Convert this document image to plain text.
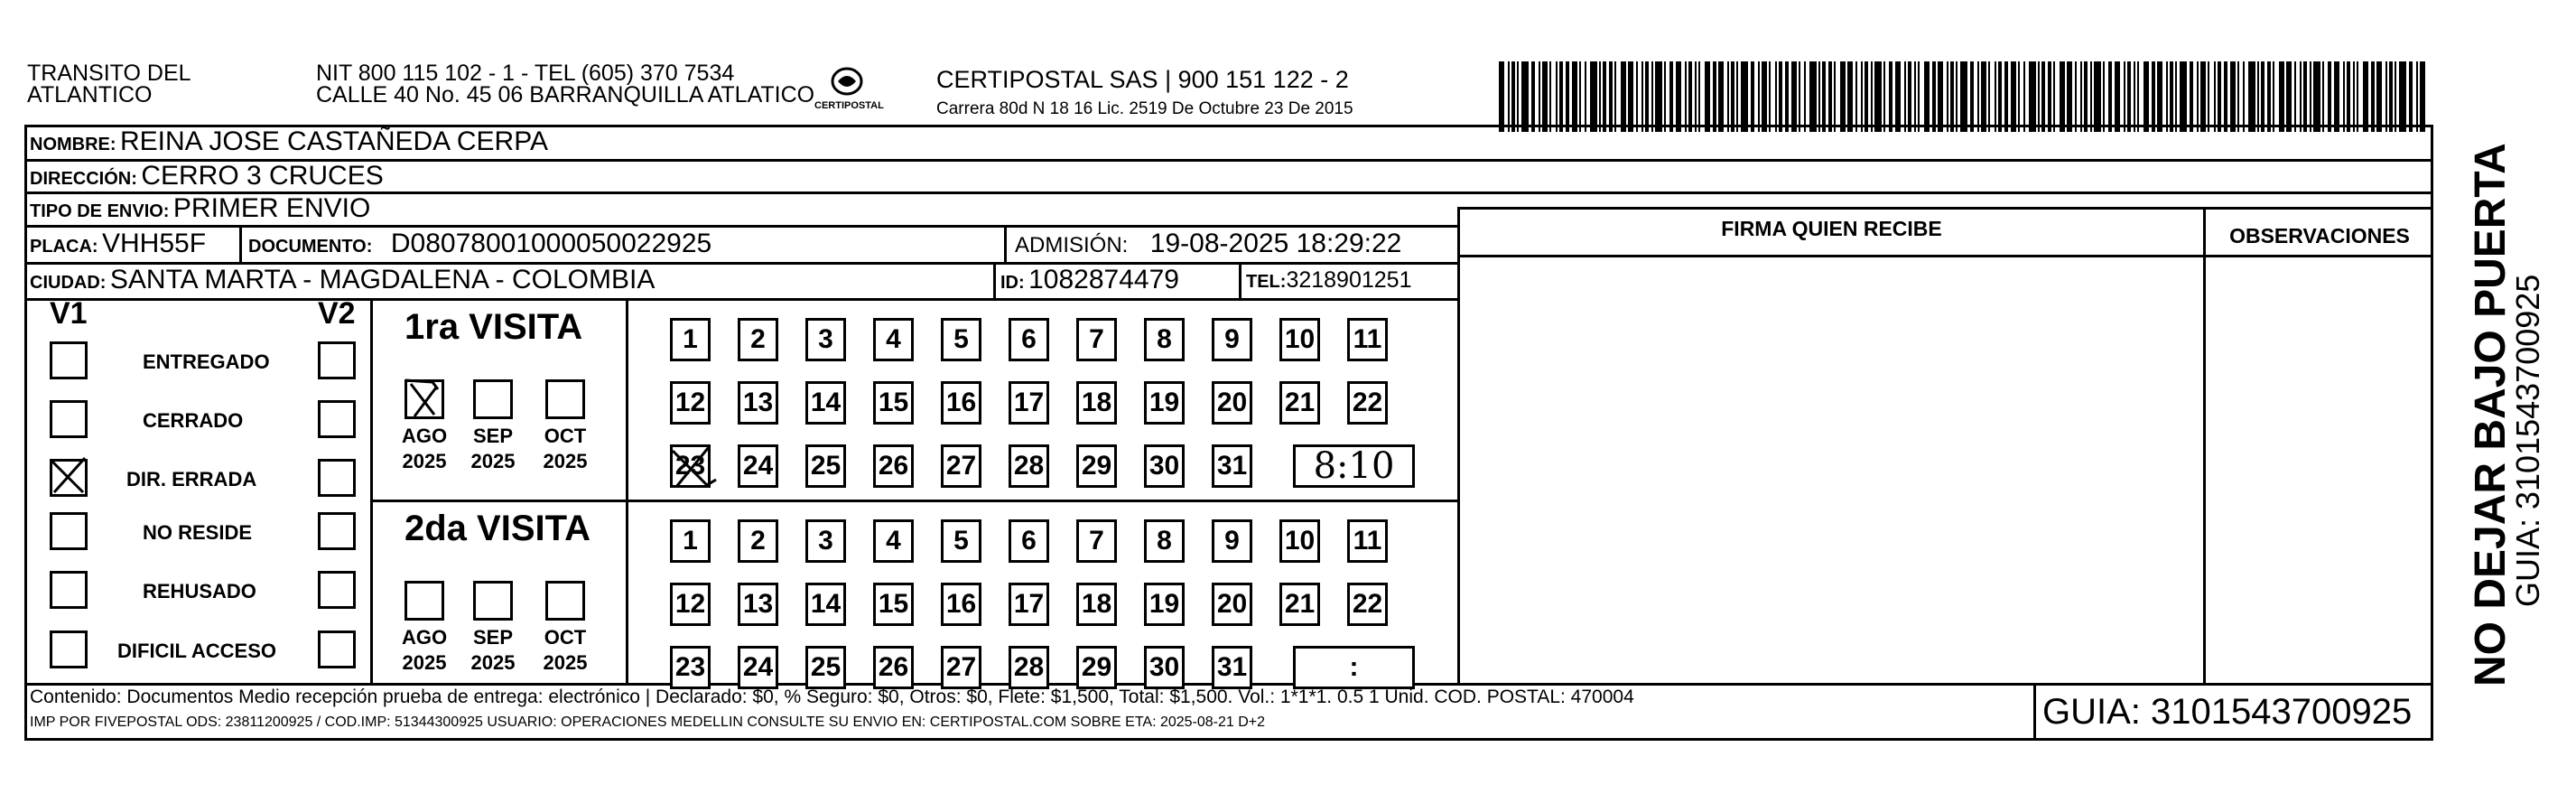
TRANSITO DEL
ATLANTICO
NIT 800 115 102 - 1 - TEL (605) 370 7534
CALLE 40 No. 45 06 BARRANQUILLA ATLATICO CERTIPOSTAL
CERTIPOSTAL SAS | 900 151 122 - 2
Carrera 80d N 18 16 Lic. 2519 De Octubre 23 De 2015
NOMBRE: REINA JOSE CASTAÑEDA CERPA
DIRECCIÓN: CERRO 3 CRUCES
TIPO DE ENVIO: PRIMER ENVIO
PLACA: VHH55F DOCUMENTO: D08078001000050022925	ADMISIÓN: 19-08-2025 18:29:22
CIUDAD: SANTA MARTA - MAGDALENA - COLOMBIA	ID: 1082874479	TEL:3218901251
FIRMA QUIEN RECIBE	OBSERVACIONES	NO DEJAR BAJO PUERTA
GUIA: 3101543700925
V1	V2
ENTREGADO
CERRADO
DIR. ERRADA
NO RESIDE
REHUSADO
DIFICIL ACCESO
1ra VISITA
AGO
2025
SEP
2025
OCT
2025
1	2	3	4	5	6	7	8	9	10 11
12 13 14 15 16 17 18 19 20 21 22
23 24 25 26 27 28 29 30 31 8:10
2da VISITA
AGO
2025
SEP
2025
OCT
2025
1	2	3	4	5	6	7	8	9	10 11
12 13 14 15 16 17 18 19 20 21 22
23 24 25 26 27 28 29 30 31	:
Contenido: Documentos Medio recepción prueba de entrega: electrónico | Declarado: $0, % Seguro: $0, Otros: $0, Flete: $1,500, Total: $1,500. Vol.: 1*1*1. 0.5 1 Unid. COD. POSTAL: 470004
IMP POR FIVEPOSTAL ODS: 23811200925 / COD.IMP: 51344300925 USUARIO: OPERACIONES MEDELLIN CONSULTE SU ENVIO EN: CERTIPOSTAL.COM SOBRE ETA: 2025-08-21 D+2	GUIA: 3101543700925
